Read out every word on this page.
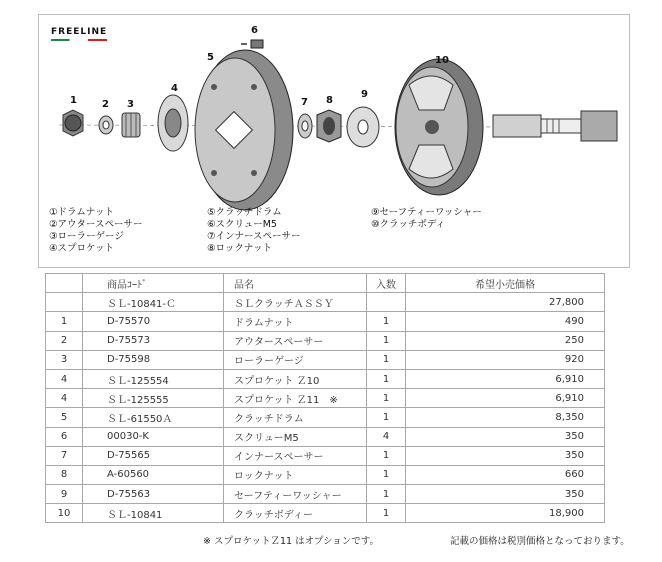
FREELINE
1	2 3
4
5
6
7 8
9
10
①ドラムナット
②アウタースペーサー
③ローラーゲージ
④スプロケット
⑤クラッチドラム
⑥スクリューM5
⑦インナースペーサー
⑧ロックナット
⑨セーフティーワッシャー
⑩クラッチボディ
	商品ｺｰﾄﾞ	品名	入数	希望小売価格
	ＳＬ-10841-Ｃ	ＳＬクラッチＡＳＳＹ		27,800
1	D-75570	ドラムナット	1	490
2	D-75573	アウタースペーサー	1	250
3	D-75598	ローラーゲージ	1	920
4	ＳＬ-125554	スプロケット Ｚ10	1	6,910
4	ＳＬ-125555	スプロケット Ｚ11　※	1	6,910
5	ＳＬ-61550Ａ	クラッチドラム	1	8,350
6	00030-K	スクリューM5	4	350
7	D-75565	インナースペーサー	1	350
8	A-60560	ロックナット	1	660
9	D-75563	セーフティーワッシャー	1	350
10	ＳＬ-10841	クラッチボディー	1	18,900
※ スプロケットＺ11 はオプションです。	記載の価格は税別価格となっております。
